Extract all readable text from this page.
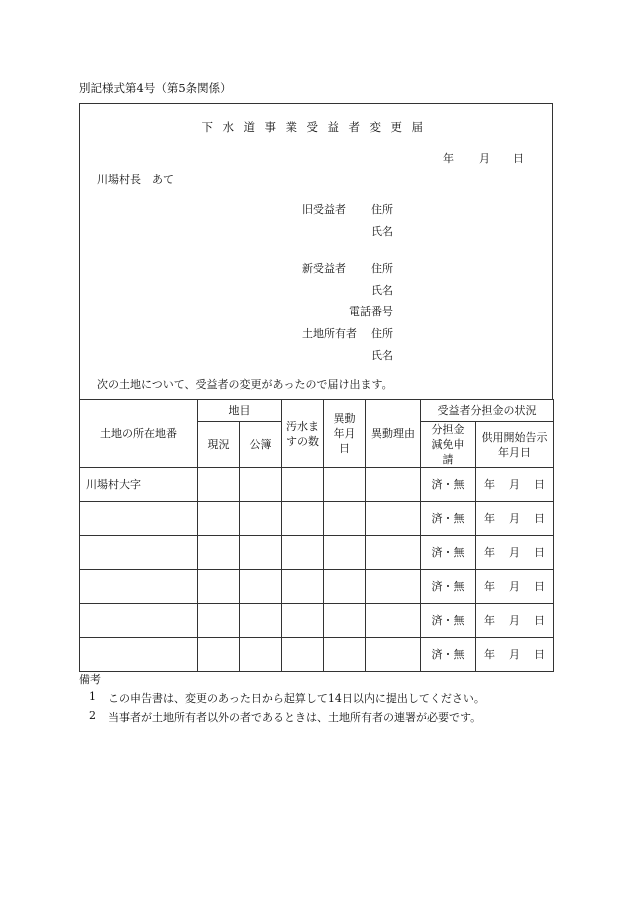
別記様式第4号（第5条関係）
下水道事業受益者変更届
年 月 日
川場村長　あて
旧受益者 住所
氏名
新受益者 住所
氏名
電話番号
土地所有者 住所
氏名
次の土地について、受益者の変更があったので届け出ます。
土地の所在地番	地目		汚水ますの数	異動年月日	異動理由	受益者分担金の状況	
	現況	公簿				分担金減免申請	供用開始告示年月日
川場村大字						済・無	年 月 日
						済・無	年 月 日
						済・無	年 月 日
						済・無	年 月 日
						済・無	年 月 日
						済・無	年 月 日
備考
1 この申告書は、変更のあった日から起算して14日以内に提出してください。
2 当事者が土地所有者以外の者であるときは、土地所有者の連署が必要です。
